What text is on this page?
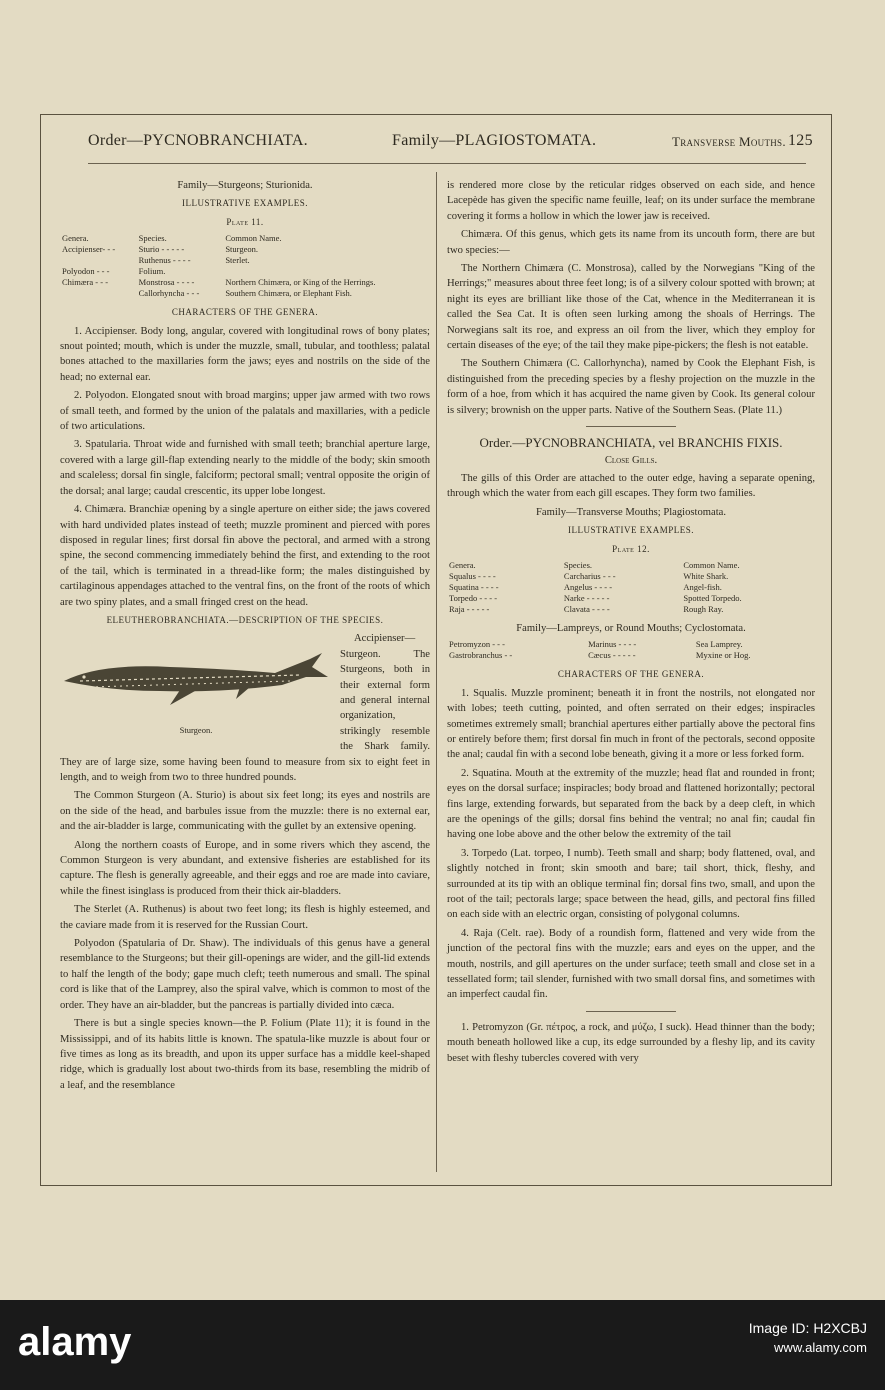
Order—PYCNOBRANCHIATA.	Family—PLAGIOSTOMATA.	Transverse Mouths. 125

Family—Sturgeons; Sturionida.

ILLUSTRATIVE EXAMPLES.

Plate 11.

Genera.	Species.	Common Name.
Accipienser- - -	Sturio - - - - -	Sturgeon.
	Ruthenus - - - -	Sterlet.
Polyodon - - -	Folium.	
Chimæra - - -	Monstrosa - - - -	Northern Chimæra, or King of the Herrings.
	Callorhyncha - - -	Southern Chimæra, or Elephant Fish.

CHARACTERS OF THE GENERA.

1. Accipienser. Body long, angular, covered with longitudinal rows of bony plates; snout pointed; mouth, which is under the muzzle, small, tubular, and toothless; palatal bones attached to the maxillaries form the jaws; eyes and nostrils on the side of the head; no external ear.

2. Polyodon. Elongated snout with broad margins; upper jaw armed with two rows of small teeth, and formed by the union of the palatals and maxillaries, with a pedicle of two articulations.

3. Spatularia. Throat wide and furnished with small teeth; branchial aperture large, covered with a large gill-flap extending nearly to the middle of the body; skin smooth and scaleless; dorsal fin single, falciform; pectoral small; ventral opposite the origin of the dorsal; anal large; caudal crescentic, its upper lobe longest.

4. Chimæra. Branchiæ opening by a single aperture on either side; the jaws covered with hard undivided plates instead of teeth; muzzle prominent and pierced with pores disposed in regular lines; first dorsal fin above the pectoral, and armed with a strong spine, the second commencing immediately behind the first, and extending to the root of the tail, which is terminated in a thread-like form; the males distinguished by cartilaginous appendages attached to the ventral fins, on the front of the roots of which are two spiny plates, and a small fringed crest on the head.

ELEUTHEROBRANCHIATA.—DESCRIPTION OF THE SPECIES.

Sturgeon.

Accipienser—Sturgeon. The Sturgeons, both in their external form and general internal organization, strikingly resemble the Shark family. They are of large size, some having been found to measure from six to eight feet in length, and to weigh from two to three hundred pounds.

The Common Sturgeon (A. Sturio) is about six feet long; its eyes and nostrils are on the side of the head, and barbules issue from the muzzle: there is no external ear, and the air-bladder is large, communicating with the gullet by an extensive opening.

Along the northern coasts of Europe, and in some rivers which they ascend, the Common Sturgeon is very abundant, and extensive fisheries are established for its capture. The flesh is generally agreeable, and their eggs and roe are made into caviare, while the finest isinglass is produced from their thick air-bladders.

The Sterlet (A. Ruthenus) is about two feet long; its flesh is highly esteemed, and the caviare made from it is reserved for the Russian Court.

Polyodon (Spatularia of Dr. Shaw). The individuals of this genus have a general resemblance to the Sturgeons; but their gill-openings are wider, and the gill-lid extends to half the length of the body; gape much cleft; teeth numerous and small. The spinal cord is like that of the Lamprey, also the spiral valve, which is common to most of the order. They have an air-bladder, but the pancreas is partially divided into cæca.

There is but a single species known—the P. Folium (Plate 11); it is found in the Mississippi, and of its habits little is known. The spatula-like muzzle is about four or five times as long as its breadth, and upon its upper surface has a middle keel-shaped ridge, which is gradually lost about two-thirds from its base, resembling the midrib of a leaf, and the resemblance

is rendered more close by the reticular ridges observed on each side, and hence Lacepède has given the specific name feuille, leaf; on its under surface the membrane covering it forms a hollow in which the lower jaw is received.

Chimæra. Of this genus, which gets its name from its uncouth form, there are but two species:—

The Northern Chimæra (C. Monstrosa), called by the Norwegians "King of the Herrings;" measures about three feet long; is of a silvery colour spotted with brown; at night its eyes are brilliant like those of the Cat, whence in the Mediterranean it is called the Sea Cat. It is often seen lurking among the shoals of Herrings. The Norwegians salt its roe, and express an oil from the liver, which they employ for certain diseases of the eye; of the tail they make pipe-pickers; the flesh is not eatable.

The Southern Chimæra (C. Callorhyncha), named by Cook the Elephant Fish, is distinguished from the preceding species by a fleshy projection on the muzzle in the form of a hoe, from which it has acquired the name given by Cook. Its general colour is silvery; brownish on the upper parts. Native of the Southern Seas. (Plate 11.)

Order.—PYCNOBRANCHIATA, vel BRANCHIS FIXIS.

Close Gills.

The gills of this Order are attached to the outer edge, having a separate opening, through which the water from each gill escapes. They form two families.

Family—Transverse Mouths; Plagiostomata.

ILLUSTRATIVE EXAMPLES.

Plate 12.

Genera.	Species.	Common Name.
Squalus - - - -	Carcharius - - -	White Shark.
Squatina - - - -	Angelus - - - -	Angel-fish.
Torpedo - - - -	Narke - - - - -	Spotted Torpedo.
Raja - - - - -	Clavata - - - -	Rough Ray.

Family—Lampreys, or Round Mouths; Cyclostomata.

Petromyzon - - -	Marinus - - - -	Sea Lamprey.
Gastrobranchus - -	Cæcus - - - - -	Myxine or Hog.

CHARACTERS OF THE GENERA.

1. Squalis. Muzzle prominent; beneath it in front the nostrils, not elongated nor with lobes; teeth cutting, pointed, and often serrated on their edges; inspiracles sometimes extremely small; branchial apertures either partially above the pectoral fins or entirely before them; first dorsal fin much in front of the pectorals, second opposite the anal; caudal fin with a second lobe beneath, giving it a more or less forked form.

2. Squatina. Mouth at the extremity of the muzzle; head flat and rounded in front; eyes on the dorsal surface; inspiracles; body broad and flattened horizontally; pectoral fins large, extending forwards, but separated from the back by a deep cleft, in which are the openings of the gills; dorsal fins behind the ventral; no anal fin; caudal fin having one lobe above and the other below the extremity of the tail

3. Torpedo (Lat. torpeo, I numb). Teeth small and sharp; body flattened, oval, and slightly notched in front; skin smooth and bare; tail short, thick, fleshy, and surrounded at its tip with an oblique terminal fin; dorsal fins two, small, and upon the root of the tail; pectorals large; space between the head, gills, and pectoral fins filled on each side with an electric organ, consisting of polygonal columns.

4. Raja (Celt. rae). Body of a roundish form, flattened and very wide from the junction of the pectoral fins with the muzzle; ears and eyes on the upper, and the mouth, nostrils, and gill apertures on the under surface; teeth small and close set in a tessellated form; tail slender, furnished with two small dorsal fins, and sometimes with an imperfect caudal fin.

1. Petromyzon (Gr. πέτρος, a rock, and μύζω, I suck). Head thinner than the body; mouth beneath hollowed like a cup, its edge surrounded by a fleshy lip, and its cavity beset with fleshy tubercles covered with very

alamy	Image ID: H2XCBJ
www.alamy.com
